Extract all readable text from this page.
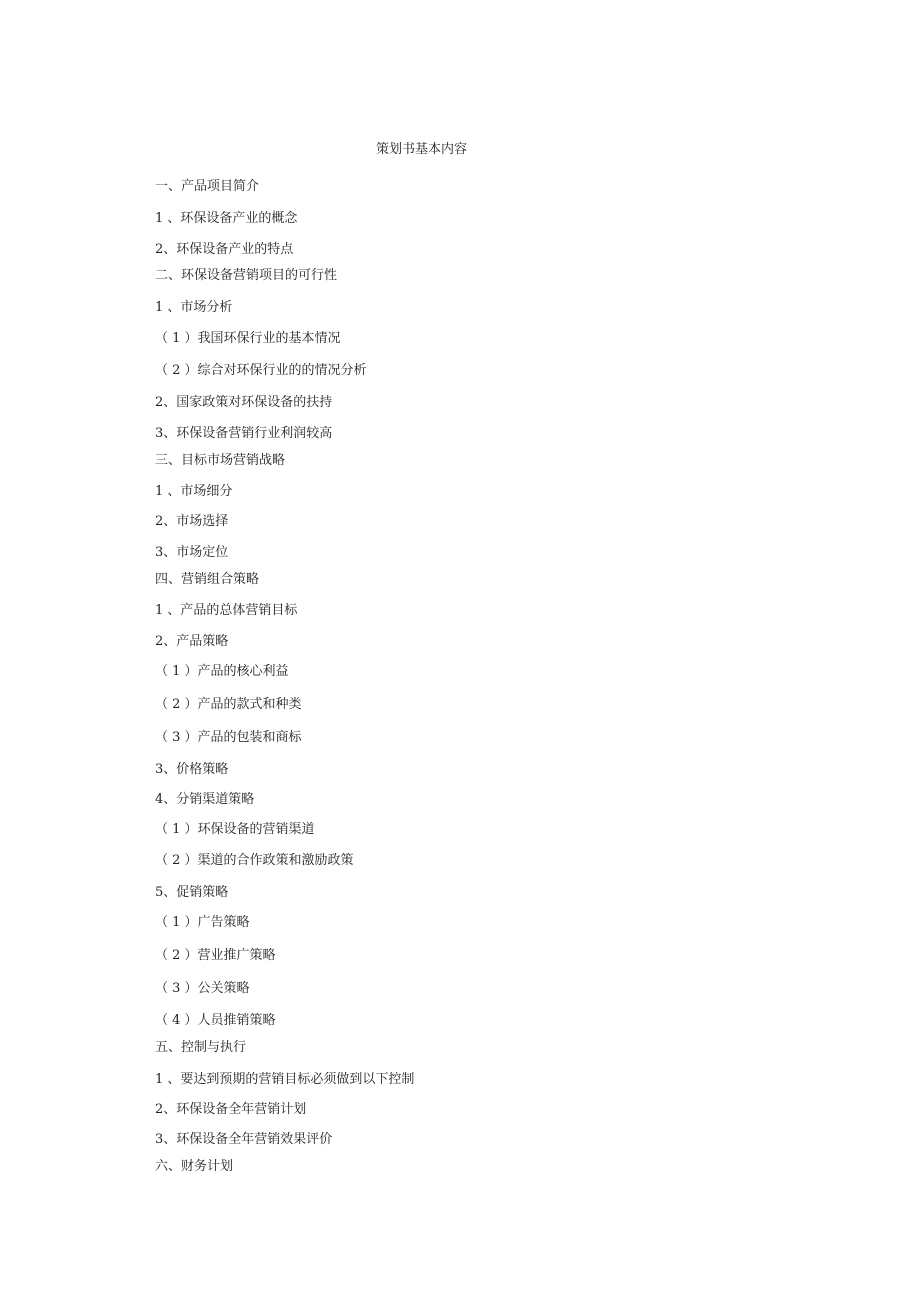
策划书基本内容
一、产品项目简介
1 、环保设备产业的概念
2、环保设备产业的特点
二、环保设备营销项目的可行性
1 、市场分析
（ 1 ）我国环保行业的基本情况
（ 2 ）综合对环保行业的的情况分析
2、国家政策对环保设备的扶持
3、环保设备营销行业利润较高
三、目标市场营销战略
1 、市场细分
2、市场选择
3、市场定位
四、营销组合策略
1 、产品的总体营销目标
2、产品策略
（ 1 ）产品的核心利益
（ 2 ）产品的款式和种类
（ 3 ）产品的包装和商标
3、价格策略
4、分销渠道策略
（ 1 ）环保设备的营销渠道
（ 2 ）渠道的合作政策和激励政策
5、促销策略
（ 1 ）广告策略
（ 2 ）营业推广策略
（ 3 ）公关策略
（ 4 ）人员推销策略
五、控制与执行
1 、要达到预期的营销目标必须做到以下控制
2、环保设备全年营销计划
3、环保设备全年营销效果评价
六、财务计划
